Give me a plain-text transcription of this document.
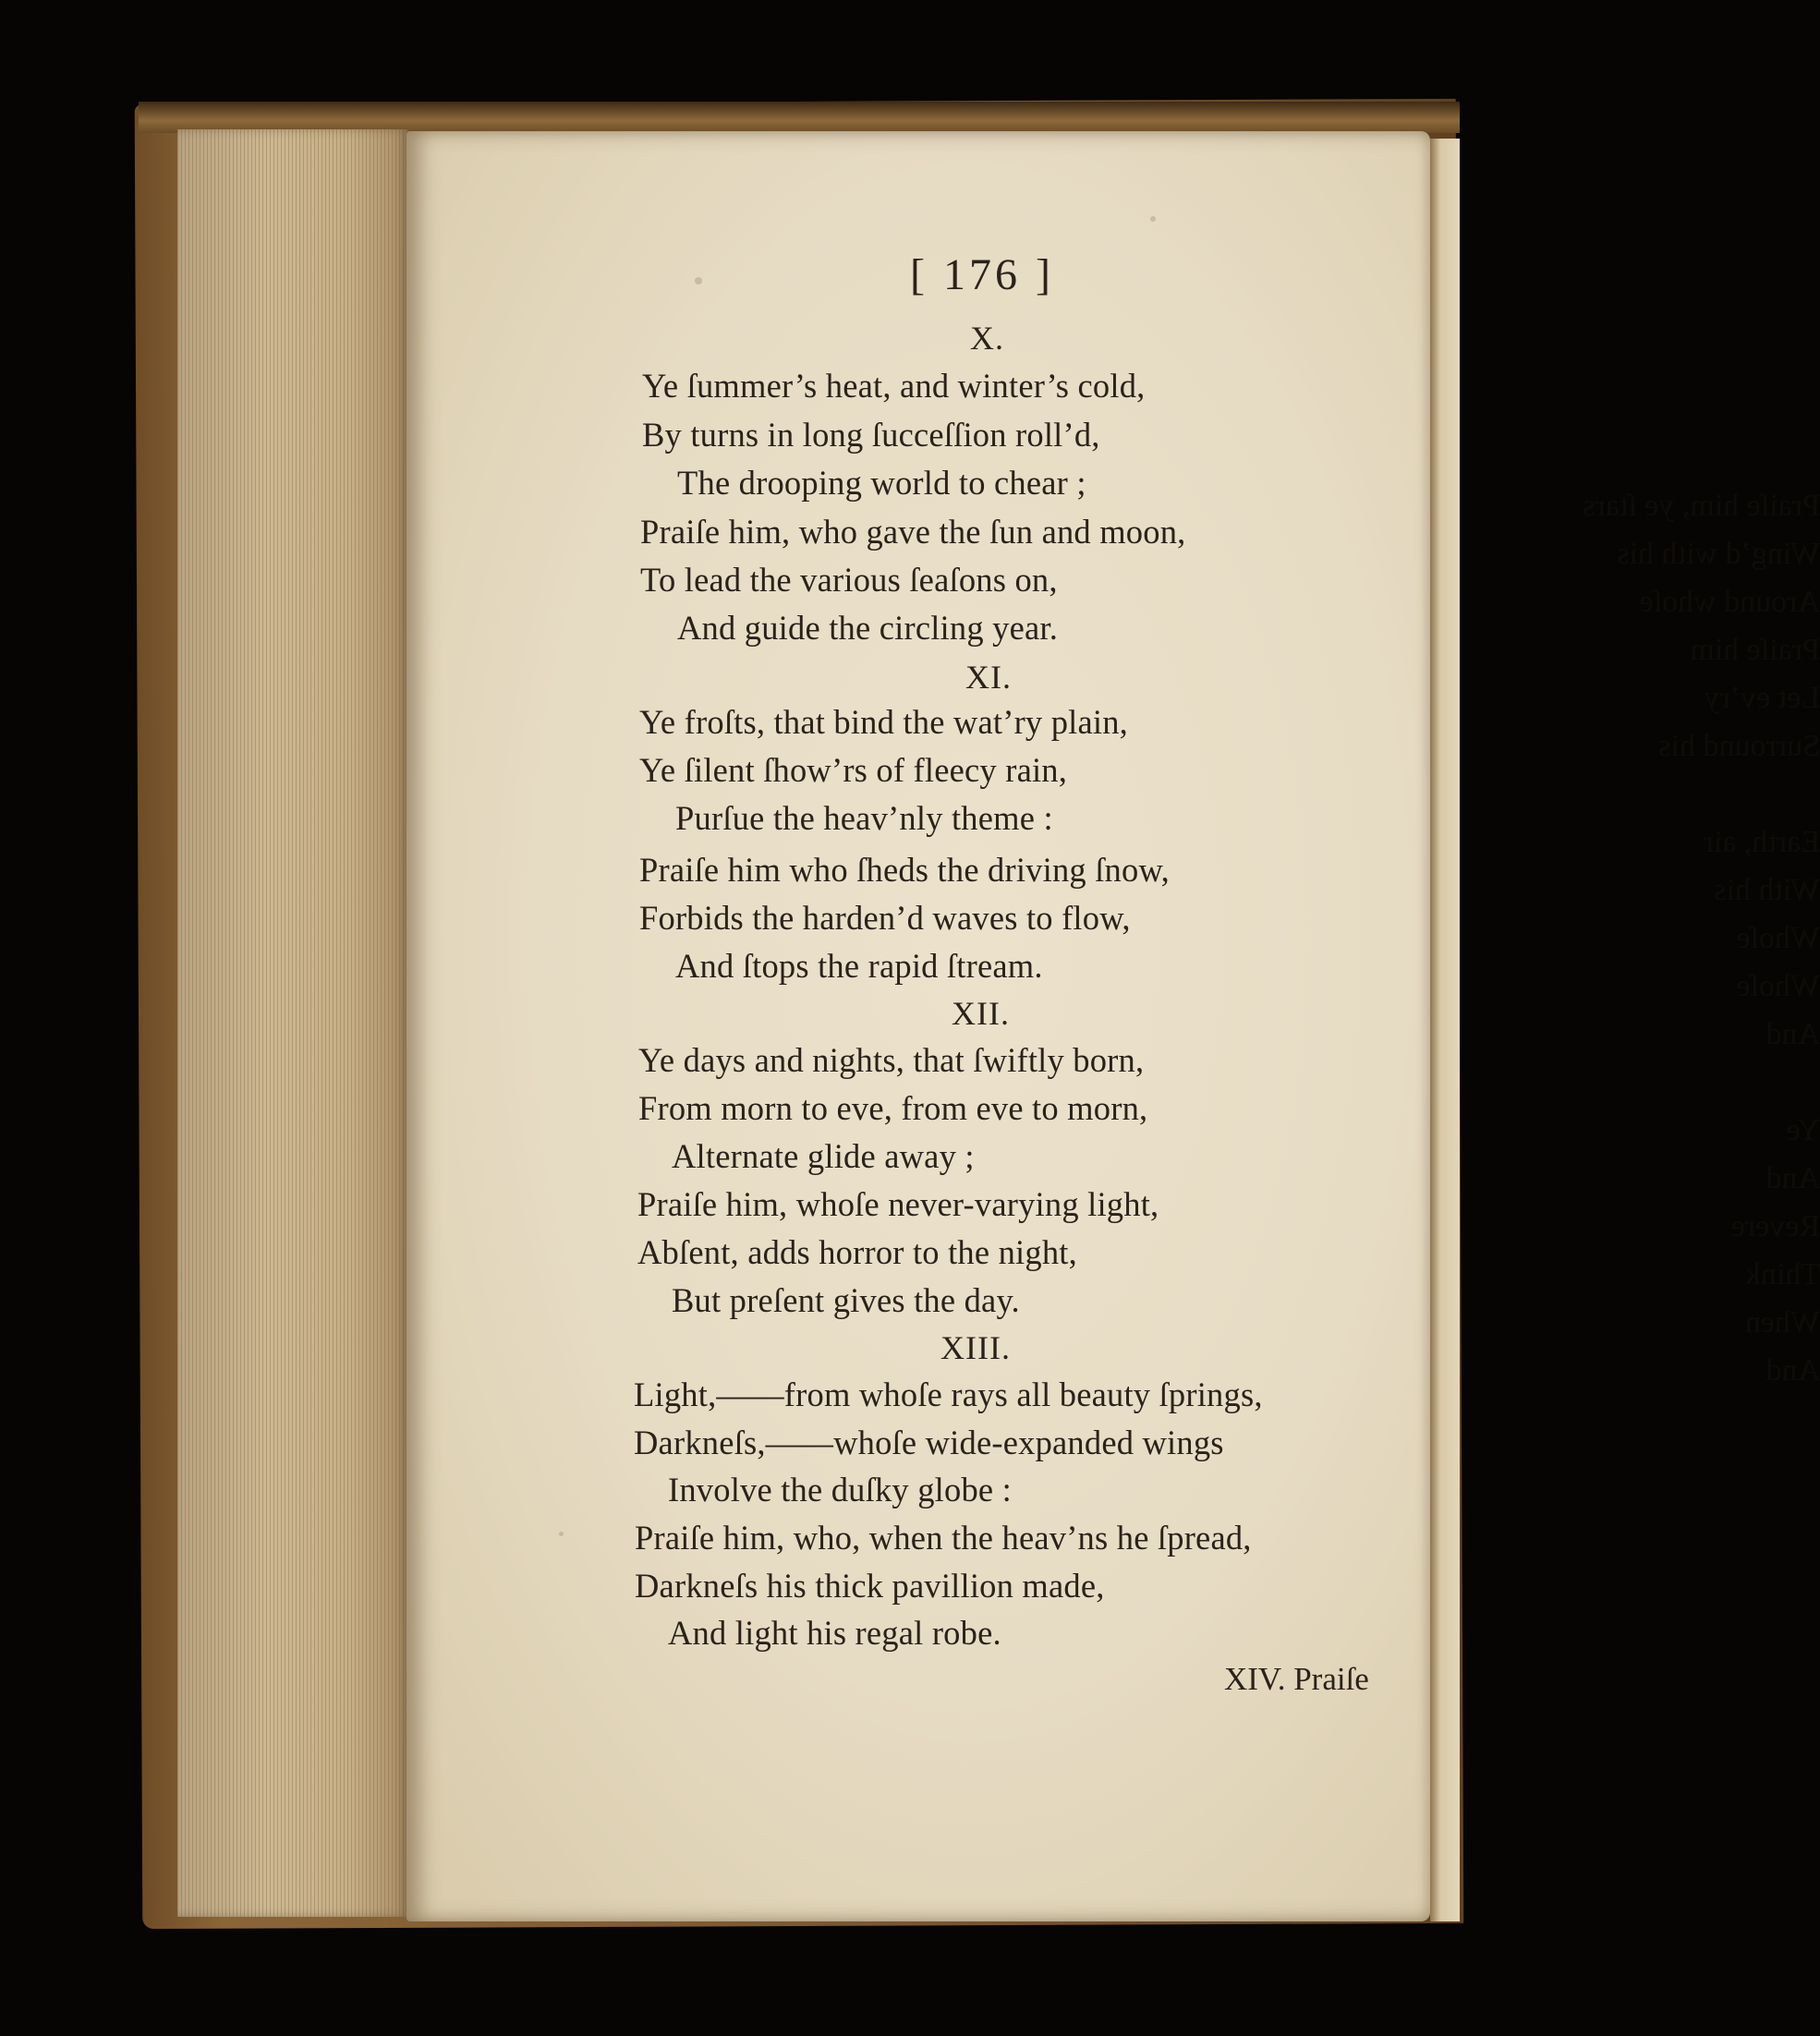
Praiſe him, ye ſtars
Wing’d with his
Around whoſe
Praiſe him
Let ev’ry
Surround his

Earth, air
With his
Whoſe
Whoſe
And

Ye
And
Revere
Think
When
And
[ 176 ]
X.
Ye ſummer’s heat, and winter’s cold,
By turns in long ſucceſſion roll’d,
The drooping world to chear ;
Praiſe him, who gave the ſun and moon,
To lead the various ſeaſons on,
And guide the circling year.
XI.
Ye froſts, that bind the wat’ry plain,
Ye ſilent ſhow’rs of fleecy rain,
Purſue the heav’nly theme :
Praiſe him who ſheds the driving ſnow,
Forbids the harden’d waves to flow,
And ſtops the rapid ſtream.
XII.
Ye days and nights, that ſwiftly born,
From morn to eve, from eve to morn,
Alternate glide away ;
Praiſe him, whoſe never-varying light,
Abſent, adds horror to the night,
But preſent gives the day.
XIII.
Light,——from whoſe rays all beauty ſprings,
Darkneſs,——whoſe wide-expanded wings
Involve the duſky globe :
Praiſe him, who, when the heav’ns he ſpread,
Darkneſs his thick pavillion made,
And light his regal robe.
XIV. Praiſe
